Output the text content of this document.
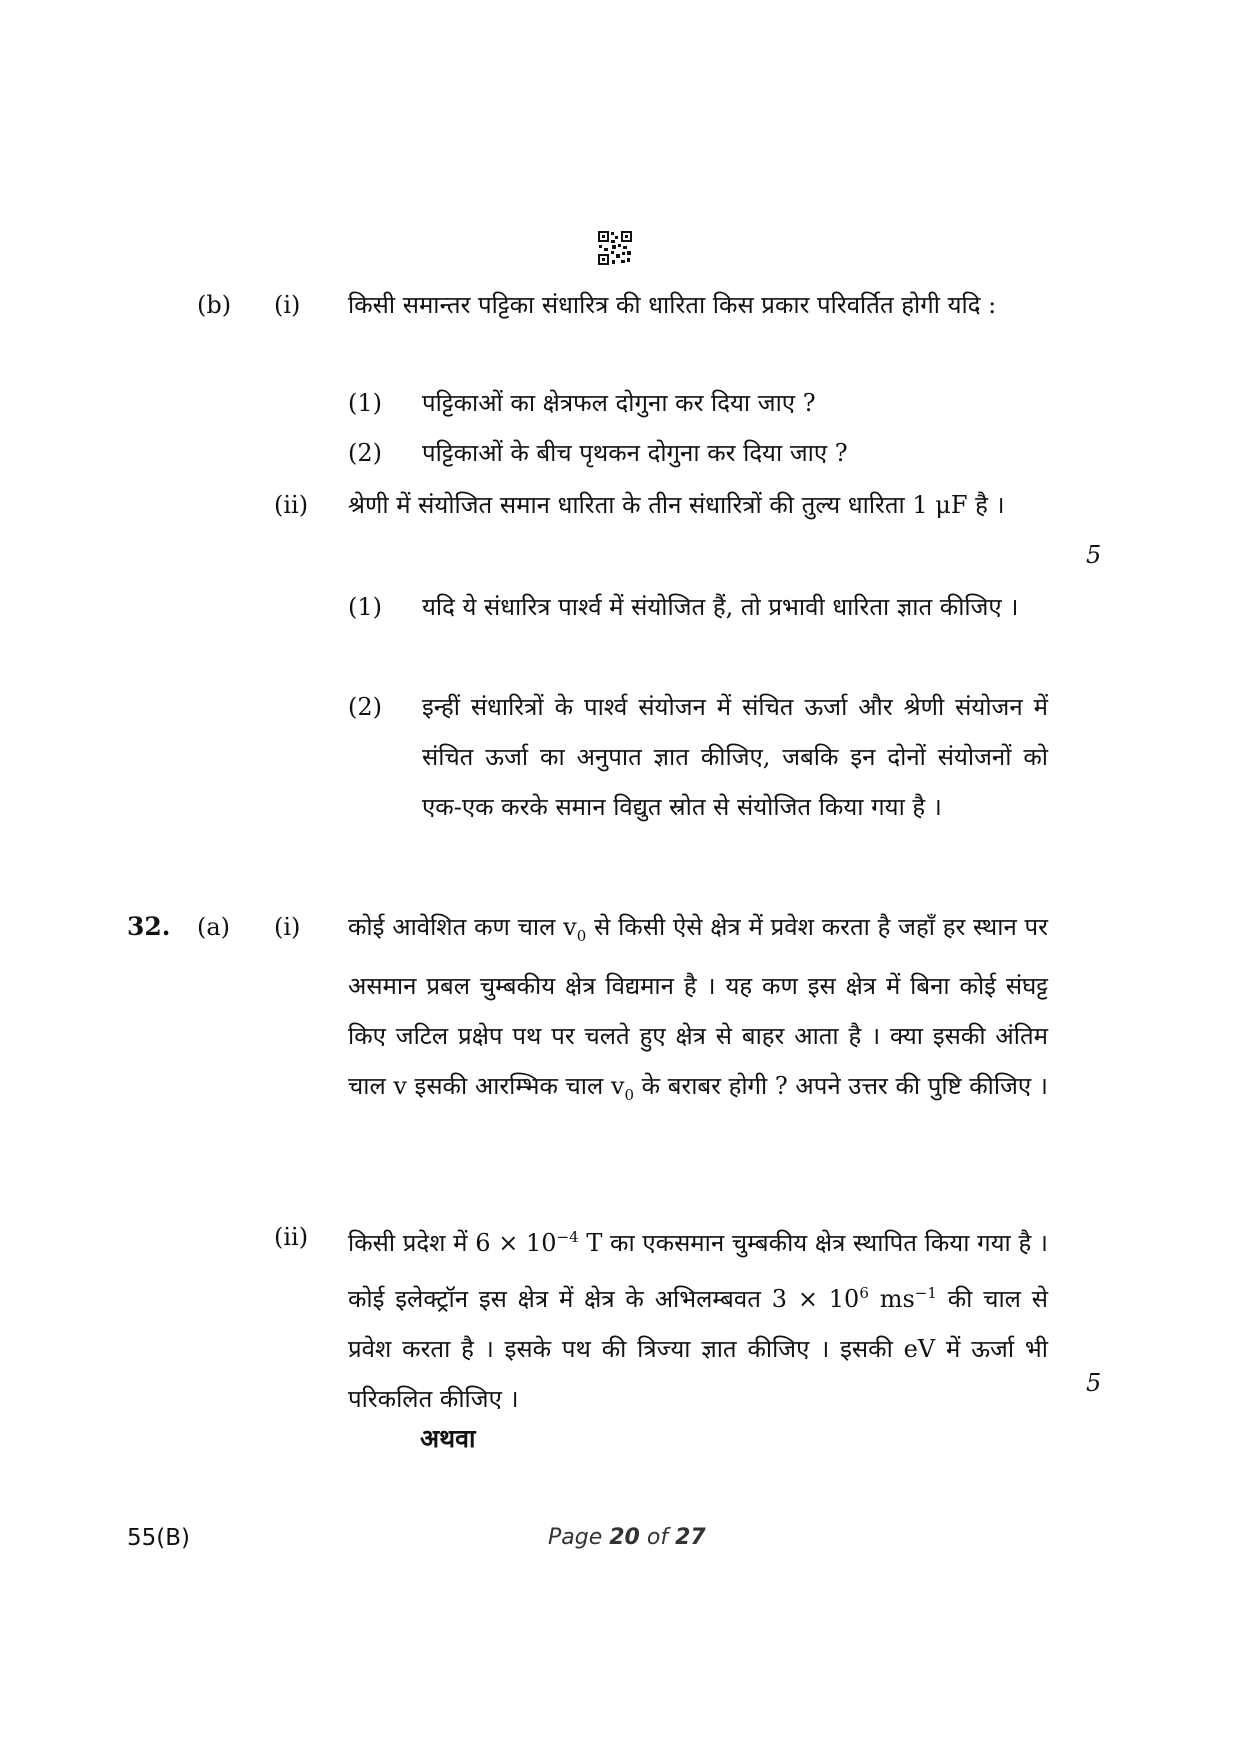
(b) (i) किसी समान्तर पट्टिका संधारित्र की धारिता किस प्रकार परिवर्तित होगी यदि :

(1) पट्टिकाओं का क्षेत्रफल दोगुना कर दिया जाए ?

(2) पट्टिकाओं के बीच पृथकन दोगुना कर दिया जाए ?

(ii) श्रेणी में संयोजित समान धारिता के तीन संधारित्रों की तुल्य धारिता 1 μF है ।

5
(1) यदि ये संधारित्र पार्श्व में संयोजित हैं, तो प्रभावी धारिता ज्ञात कीजिए ।

(2) इन्हीं संधारित्रों के पार्श्व संयोजन में संचित ऊर्जा और श्रेणी संयोजन में संचित ऊर्जा का अनुपात ज्ञात कीजिए, जबकि इन दोनों संयोजनों को एक-एक करके समान विद्युत स्रोत से संयोजित किया गया है ।

32. (a) (i) कोई आवेशित कण चाल $v_0$ से किसी ऐसे क्षेत्र में प्रवेश करता है जहाँ हर स्थान पर असमान प्रबल चुम्बकीय क्षेत्र विद्यमान है । यह कण इस क्षेत्र में बिना कोई संघट्ट किए जटिल प्रक्षेप पथ पर चलते हुए क्षेत्र से बाहर आता है । क्या इसकी अंतिम चाल v इसकी आरम्भिक चाल $v_0$ के बराबर होगी ? अपने उत्तर की पुष्टि कीजिए ।

(ii) किसी प्रदेश में $6 \times 10^{-4}$ T का एकसमान चुम्बकीय क्षेत्र स्थापित किया गया है । कोई इलेक्ट्रॉन इस क्षेत्र में क्षेत्र के अभिलम्बवत $3 \times 10^6$ $ms^{-1}$ की चाल से प्रवेश करता है । इसके पथ की त्रिज्या ज्ञात कीजिए । इसकी eV में ऊर्जा भी परिकलित कीजिए ।

5
अथवा
55(B)	Page 20 of 27
